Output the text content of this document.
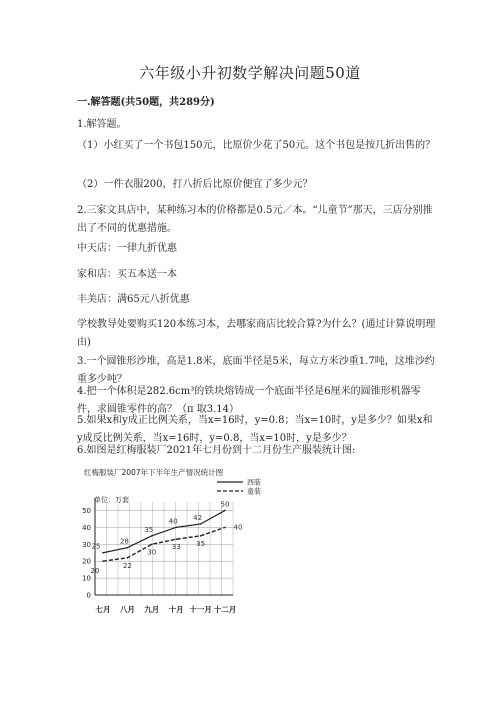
六年级小升初数学解决问题50道
一.解答题(共50题，共289分)
1.解答题。
（1）小红买了一个书包150元，比原价少花了50元。这个书包是按几折出售的？
（2）一件衣服200，打八折后比原价便宜了多少元？
2.三家文具店中，某种练习本的价格都是0.5元／本。“儿童节”那天，三店分别推出了不同的优惠措施。
中天店：一律九折优惠
家和店：买五本送一本
丰美店：满65元八折优惠
学校教导处要购买120本练习本，去哪家商店比较合算?为什么？(通过计算说明理由)
3.一个圆锥形沙堆，高是1.8米，底面半径是5米，每立方米沙重1.7吨，这堆沙约重多少吨？
4.把一个体积是282.6cm³的铁块熔铸成一个底面半径是6厘米的圆锥形机器零件，求圆锥零件的高？（π 取3.14）
5.如果x和y成正比例关系，当x=16时，y=0.8；当x=10时，y是多少？如果x和y成反比例关系，当x=16时，y=0.8，当x=10时，y是多少？
6.如图是红梅服装厂2021年七月份到十二月份生产服装统计图:
红梅服装厂2007年下半年生产情况统计图
单位：万套
0
10
20
30
40
50
七月 八月 九月 十月 十一月 十二月
25
28
35
40 42
50
20
22
30
33 35
40
西装
童装
